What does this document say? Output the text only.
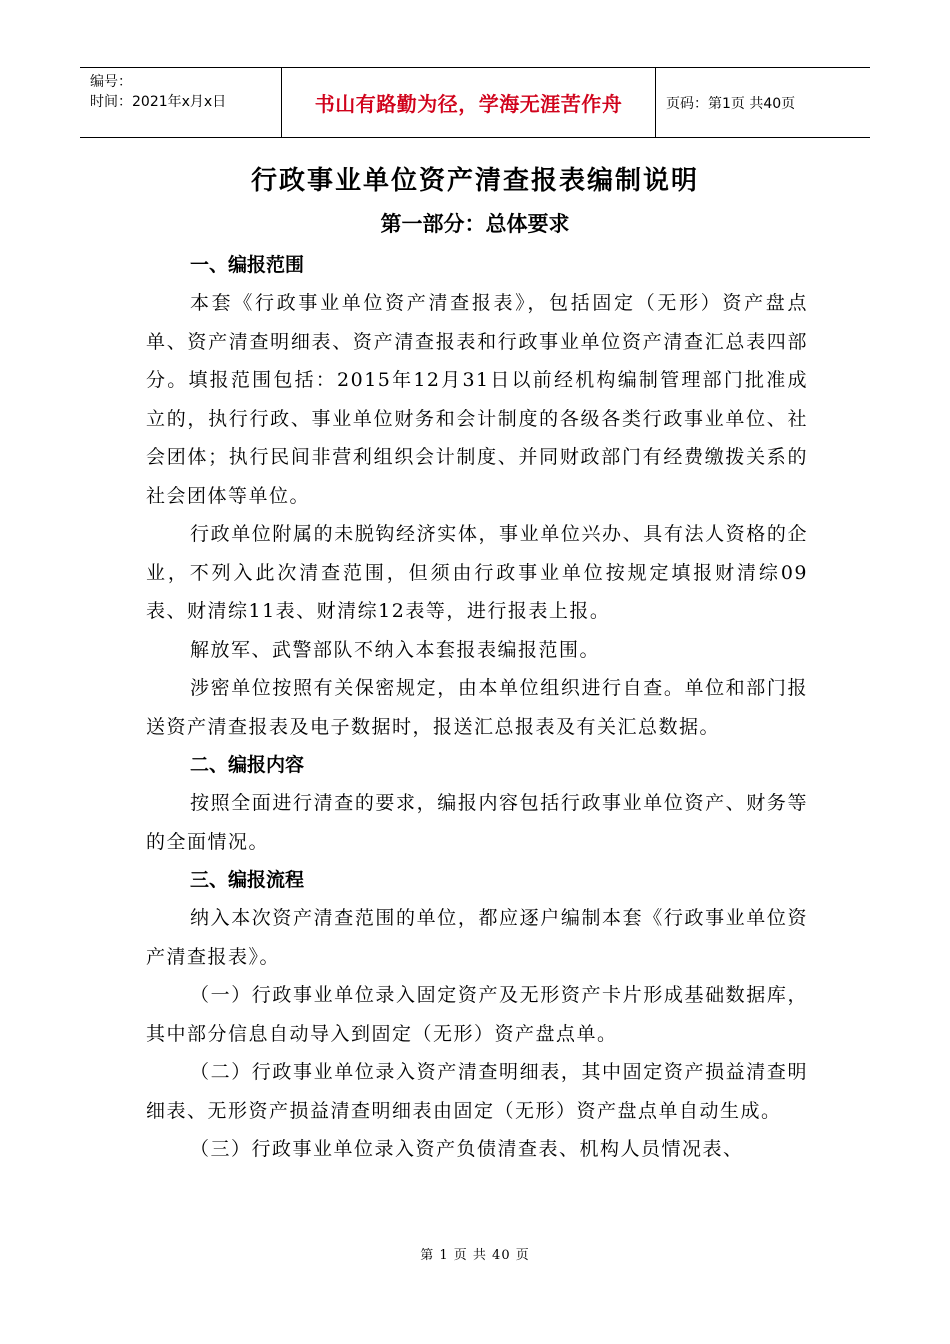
编号：
时间：2021年x月x日	书山有路勤为径，学海无涯苦作舟	页码：第1页 共40页
行政事业单位资产清查报表编制说明
第一部分：总体要求
一、编报范围

本套《行政事业单位资产清查报表》，包括固定（无形）资产盘点单、资产清查明细表、资产清查报表和行政事业单位资产清查汇总表四部分。填报范围包括：2015年12月31日以前经机构编制管理部门批准成立的，执行行政、事业单位财务和会计制度的各级各类行政事业单位、社会团体；执行民间非营利组织会计制度、并同财政部门有经费缴拨关系的社会团体等单位。

行政单位附属的未脱钩经济实体，事业单位兴办、具有法人资格的企业，不列入此次清查范围，但须由行政事业单位按规定填报财清综09表、财清综11表、财清综12表等，进行报表上报。

解放军、武警部队不纳入本套报表编报范围。

涉密单位按照有关保密规定，由本单位组织进行自查。单位和部门报送资产清查报表及电子数据时，报送汇总报表及有关汇总数据。

二、编报内容

按照全面进行清查的要求，编报内容包括行政事业单位资产、财务等的全面情况。

三、编报流程

纳入本次资产清查范围的单位，都应逐户编制本套《行政事业单位资产清查报表》。

（一）行政事业单位录入固定资产及无形资产卡片形成基础数据库，其中部分信息自动导入到固定（无形）资产盘点单。

（二）行政事业单位录入资产清查明细表，其中固定资产损益清查明细表、无形资产损益清查明细表由固定（无形）资产盘点单自动生成。

（三）行政事业单位录入资产负债清查表、机构人员情况表、

第 1 页 共 40 页
